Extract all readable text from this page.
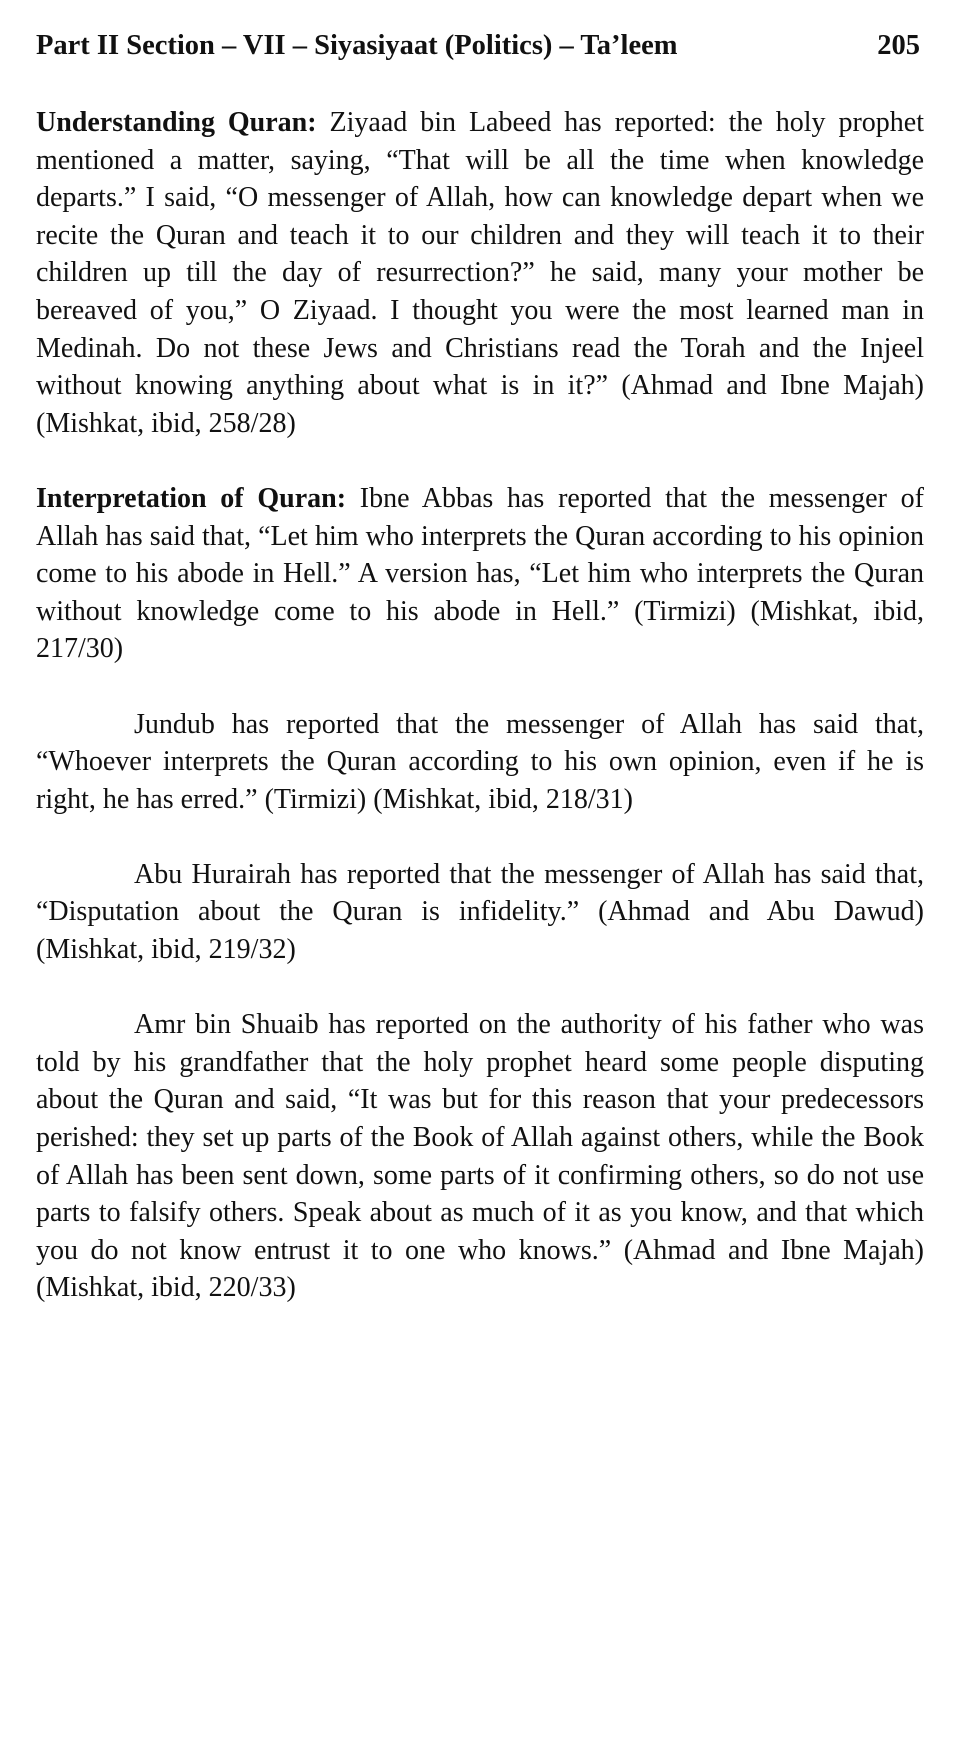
Part II Section – VII – Siyasiyaat (Politics) – Ta’leem	205

Understanding Quran: Ziyaad bin Labeed has reported: the holy prophet mentioned a matter, saying, “That will be all the time when knowledge departs.” I said, “O messenger of Allah, how can knowledge depart when we recite the Quran and teach it to our children and they will teach it to their children up till the day of resurrection?” he said, many your mother be bereaved of you,” O Ziyaad. I thought you were the most learned man in Medinah. Do not these Jews and Christians read the Torah and the Injeel without knowing anything about what is in it?” (Ahmad and Ibne Majah) (Mishkat, ibid, 258/28)

Interpretation of Quran: Ibne Abbas has reported that the messenger of Allah has said that, “Let him who interprets the Quran according to his opinion come to his abode in Hell.” A version has, “Let him who interprets the Quran without knowledge come to his abode in Hell.” (Tirmizi) (Mishkat, ibid, 217/30)

Jundub has reported that the messenger of Allah has said that, “Whoever interprets the Quran according to his own opinion, even if he is right, he has erred.” (Tirmizi) (Mishkat, ibid, 218/31)

Abu Hurairah has reported that the messenger of Allah has said that, “Disputation about the Quran is infidelity.” (Ahmad and Abu Dawud) (Mishkat, ibid, 219/32)

Amr bin Shuaib has reported on the authority of his father who was told by his grandfather that the holy prophet heard some people disputing about the Quran and said, “It was but for this reason that your predecessors perished: they set up parts of the Book of Allah against others, while the Book of Allah has been sent down, some parts of it confirming others, so do not use parts to falsify others. Speak about as much of it as you know, and that which you do not know entrust it to one who knows.” (Ahmad and Ibne Majah) (Mishkat, ibid, 220/33)
